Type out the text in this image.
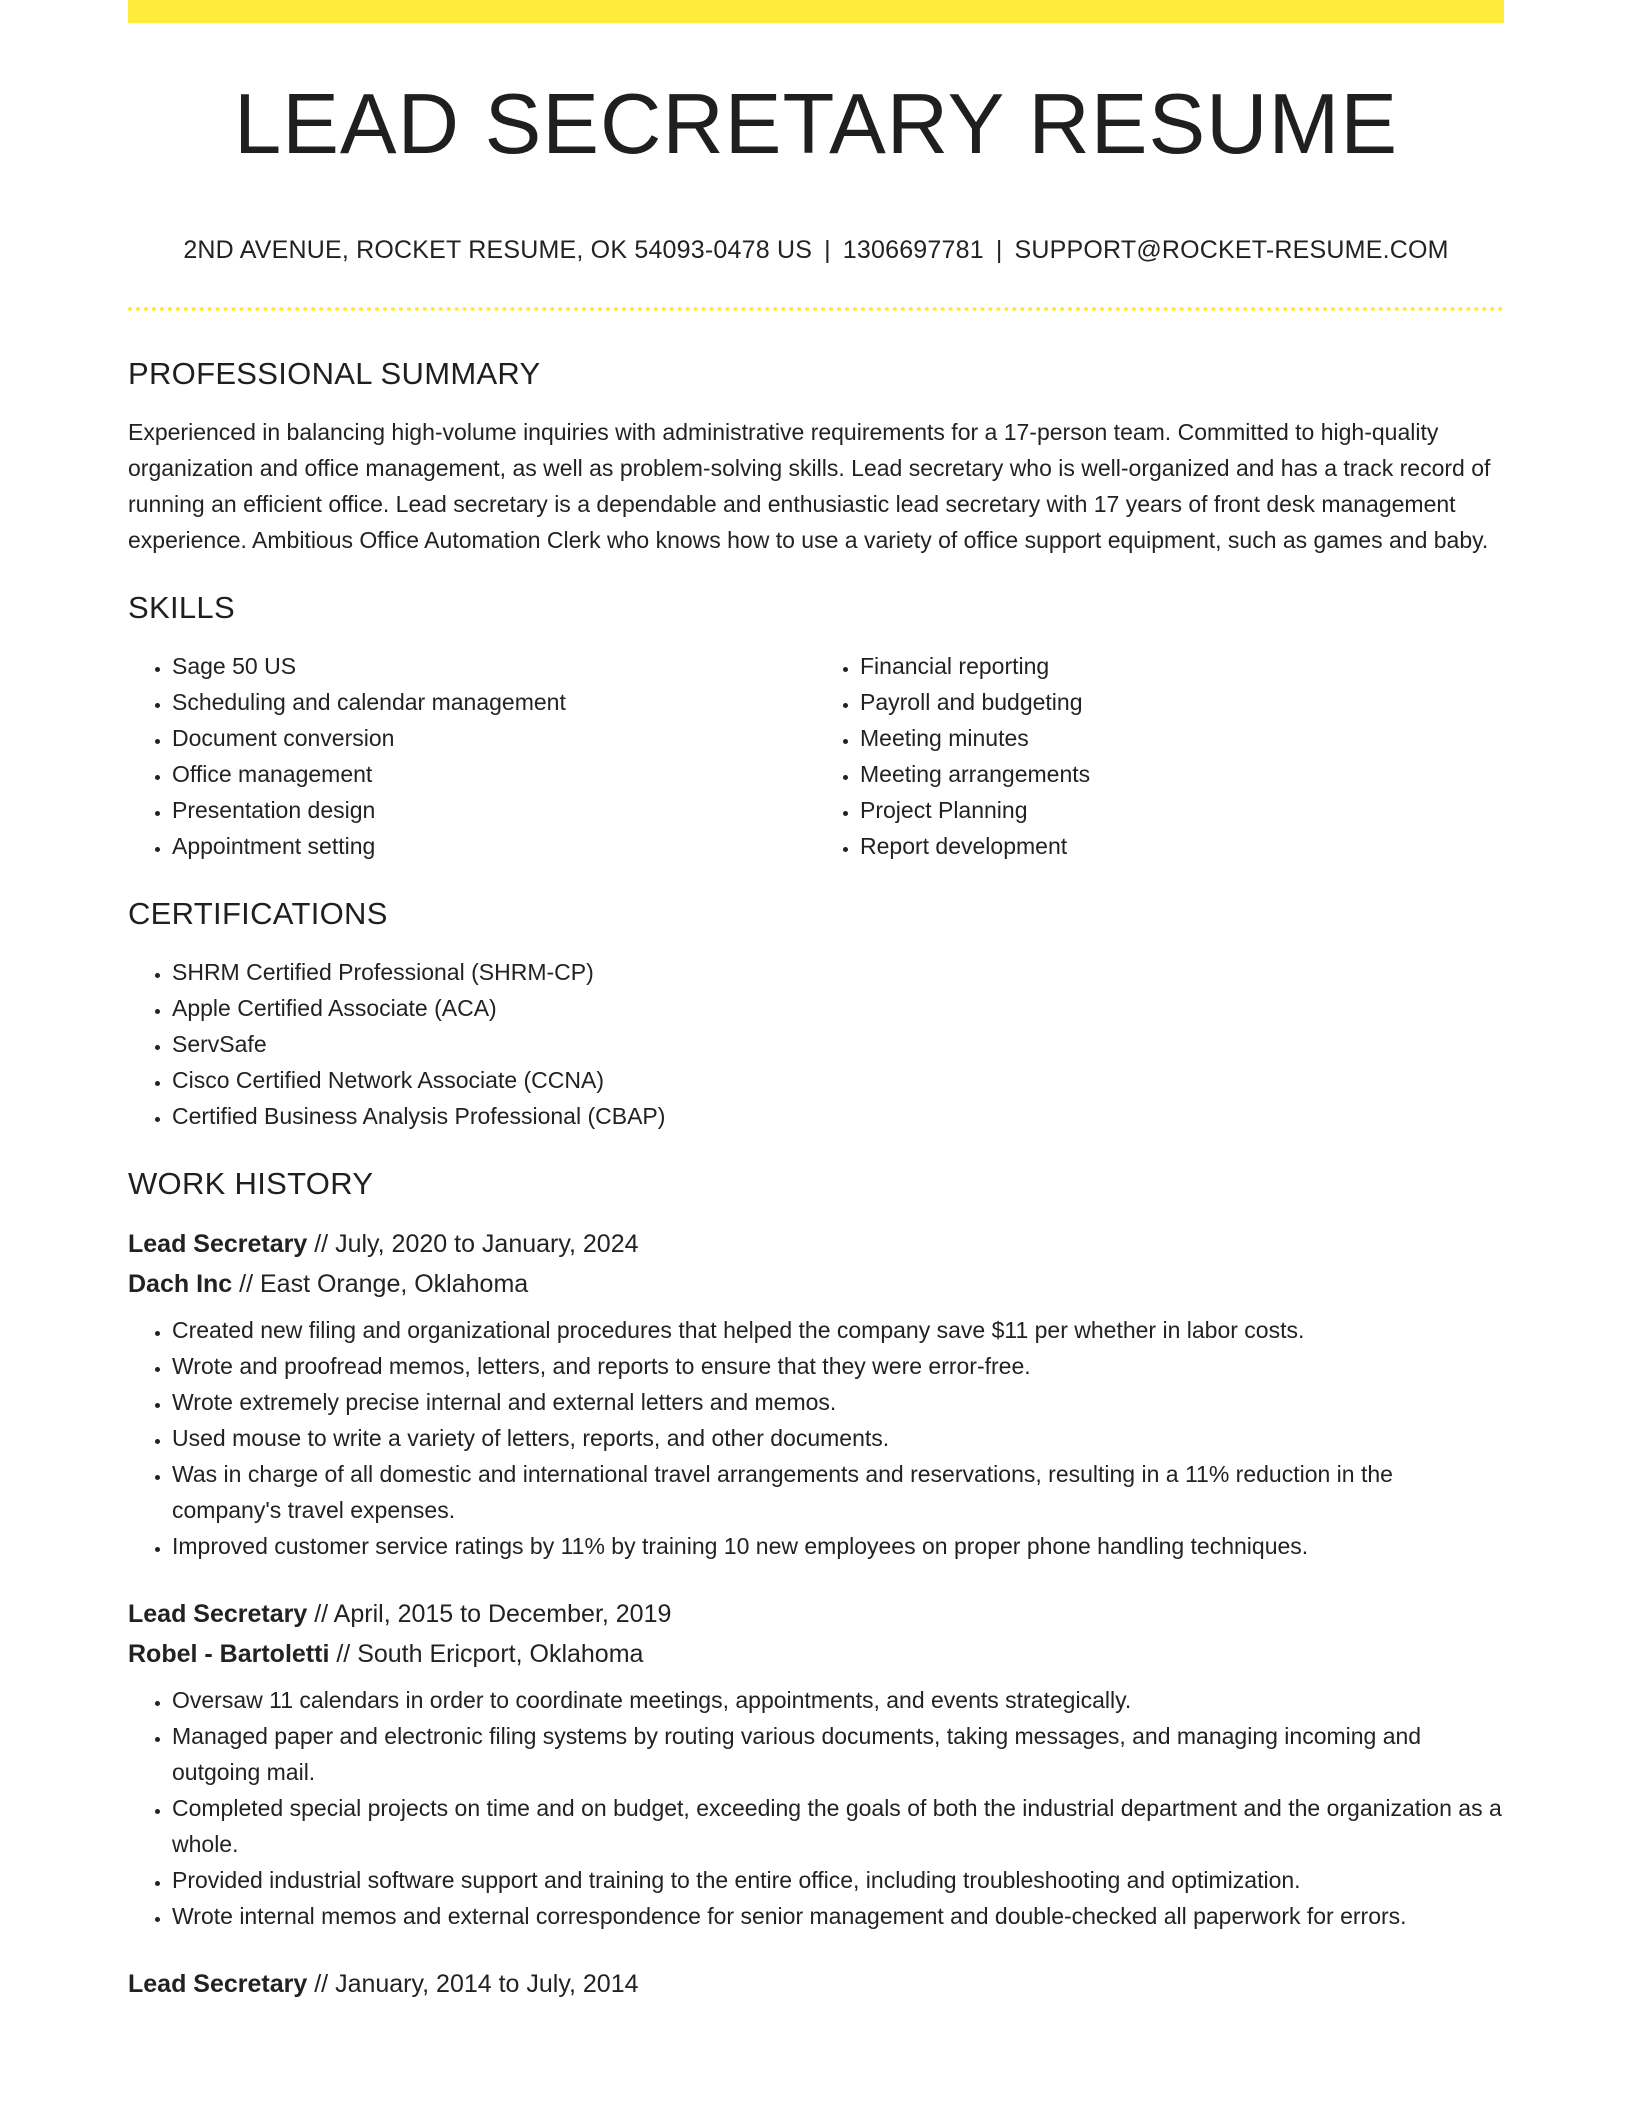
LEAD SECRETARY RESUME
2ND AVENUE, ROCKET RESUME, OK 54093-0478 US | 1306697781 | SUPPORT@ROCKET-RESUME.COM
PROFESSIONAL SUMMARY

Experienced in balancing high-volume inquiries with administrative requirements for a 17-person team. Committed to high-quality organization and office management, as well as problem-solving skills. Lead secretary who is well-organized and has a track record of running an efficient office. Lead secretary is a dependable and enthusiastic lead secretary with 17 years of front desk management experience. Ambitious Office Automation Clerk who knows how to use a variety of office support equipment, such as games and baby.

SKILLS
• Sage 50 US
• Scheduling and calendar management
• Document conversion
• Office management
• Presentation design
• Appointment setting
• Financial reporting
• Payroll and budgeting
• Meeting minutes
• Meeting arrangements
• Project Planning
• Report development
CERTIFICATIONS
• SHRM Certified Professional (SHRM-CP)
• Apple Certified Associate (ACA)
• ServSafe
• Cisco Certified Network Associate (CCNA)
• Certified Business Analysis Professional (CBAP)
WORK HISTORY
Lead Secretary // July, 2020 to January, 2024
Dach Inc // East Orange, Oklahoma
• Created new filing and organizational procedures that helped the company save $11 per whether in labor costs.
• Wrote and proofread memos, letters, and reports to ensure that they were error-free.
• Wrote extremely precise internal and external letters and memos.
• Used mouse to write a variety of letters, reports, and other documents.
• Was in charge of all domestic and international travel arrangements and reservations, resulting in a 11% reduction in the company's travel expenses.
• Improved customer service ratings by 11% by training 10 new employees on proper phone handling techniques.
Lead Secretary // April, 2015 to December, 2019
Robel - Bartoletti // South Ericport, Oklahoma
• Oversaw 11 calendars in order to coordinate meetings, appointments, and events strategically.
• Managed paper and electronic filing systems by routing various documents, taking messages, and managing incoming and outgoing mail.
• Completed special projects on time and on budget, exceeding the goals of both the industrial department and the organization as a whole.
• Provided industrial software support and training to the entire office, including troubleshooting and optimization.
• Wrote internal memos and external correspondence for senior management and double-checked all paperwork for errors.
Lead Secretary // January, 2014 to July, 2014
